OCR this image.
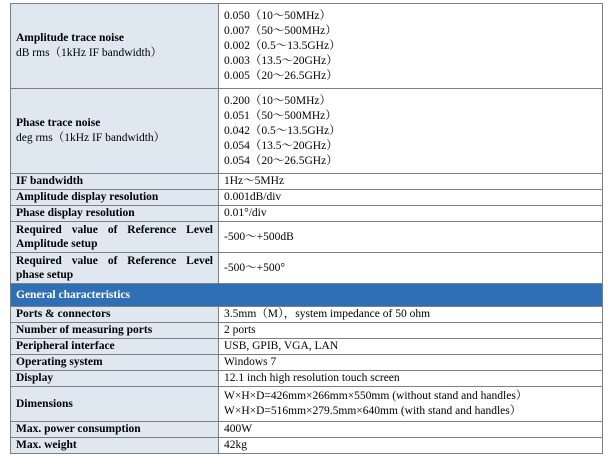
Amplitude trace noise
dB rms（1kHz IF bandwidth）	0.050（10～50MHz）
0.007（50～500MHz）
0.002（0.5～13.5GHz）
0.003（13.5～20GHz）
0.005（20～26.5GHz）

Phase trace noise
deg rms（1kHz IF bandwidth）	0.200（10～50MHz）
0.051（50～500MHz）
0.042（0.5～13.5GHz）
0.054（13.5～20GHz）
0.054（20～26.5GHz）

IF bandwidth	1Hz～5MHz
Amplitude display resolution	0.001dB/div
Phase display resolution	0.01°/div
Required value of Reference Level Amplitude setup	-500～+500dB
Required value of Reference Level phase setup	-500～+500°
General characteristics	
Ports & connectors	3.5mm（M），system impedance of 50 ohm
Number of measuring ports	2 ports
Peripheral interface	USB, GPIB, VGA, LAN
Operating system	Windows 7
Display	12.1 inch high resolution touch screen
Dimensions	W×H×D=426mm×266mm×550mm (without stand and handles）
W×H×D=516mm×279.5mm×640mm (with stand and handles）

Max. power consumption	400W
Max. weight	42kg
